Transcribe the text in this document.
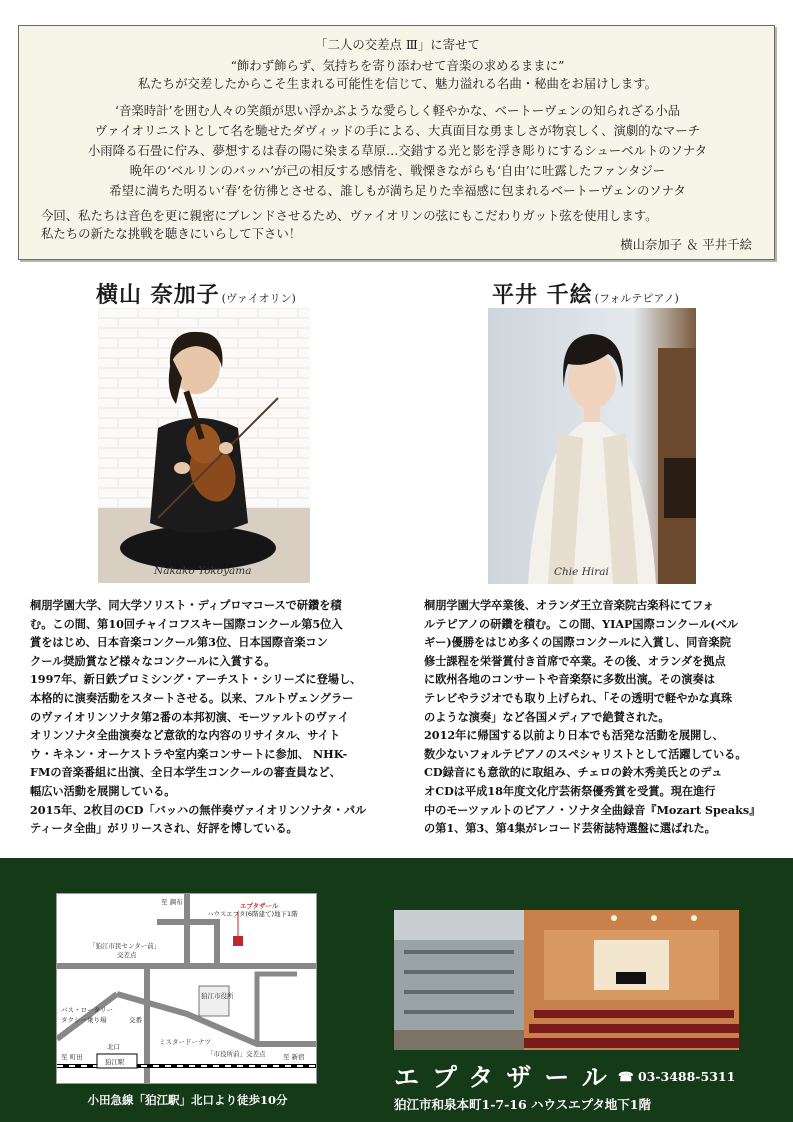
「二人の交差点 Ⅲ」に寄せて
“飾わず飾らず、気持ちを寄り添わせて音楽の求めるままに”
私たちが交差したからこそ生まれる可能性を信じて、魅力溢れる名曲・秘曲をお届けします。
‘音楽時計’を囲む人々の笑顔が思い浮かぶような愛らしく軽やかな、ベートーヴェンの知られざる小品
ヴァイオリニストとして名を馳せたダヴィッドの手による、大真面目な勇ましさが物哀しく、演劇的なマーチ
小雨降る石畳に佇み、夢想するは春の陽に染まる草原…交錯する光と影を浮き彫りにするシューベルトのソナタ
晩年の‘ベルリンのバッハ’が己の相反する感情を、戦慄きながらも‘自由’に吐露したファンタジー
希望に満ちた明るい‘春’を彷彿とさせる、誰しもが満ち足りた幸福感に包まれるベートーヴェンのソナタ
今回、私たちは音色を更に親密にブレンドさせるため、ヴァイオリンの弦にもこだわりガット弦を使用します。
私たちの新たな挑戦を聴きにいらして下さい！
横山奈加子 ＆ 平井千絵
横山 奈加子 (ヴァイオリン)
Nakako Yokoyama

桐朋学園大学、同大学ソリスト・ディプロマコースで研鑽を積

む。この間、第10回チャイコフスキー国際コンクール第5位入

賞をはじめ、日本音楽コンクール第3位、日本国際音楽コン

クール奨励賞など様々なコンクールに入賞する。

1997年、新日鉄プロミシング・アーチスト・シリーズに登場し、

本格的に演奏活動をスタートさせる。以来、フルトヴェングラー

のヴァイオリンソナタ第2番の本邦初演、モーツァルトのヴァイ

オリンソナタ全曲演奏など意欲的な内容のリサイタル、サイト

ウ・キネン・オーケストラや室内楽コンサートに参加、 NHK-

FMの音楽番組に出演、全日本学生コンクールの審査員など、

幅広い活動を展開している。

2015年、2枚目のCD「バッハの無伴奏ヴァイオリンソナタ・パル

ティータ全曲」がリリースされ、好評を博している。

平井 千絵 (フォルテピアノ)
Chie Hirai

桐朋学園大学卒業後、オランダ王立音楽院古楽科にてフォ

ルテピアノの研鑽を積む。この間、YIAP国際コンクール(ベル

ギー)優勝をはじめ多くの国際コンクールに入賞し、同音楽院

修士課程を栄誉賞付き首席で卒業。その後、オランダを拠点

に欧州各地のコンサートや音楽祭に多数出演。その演奏は

テレビやラジオでも取り上げられ、「その透明で軽やかな真珠

のような演奏」など各国メディアで絶賛された。

2012年に帰国する以前より日本でも活発な活動を展開し、

数少ないフォルテピアノのスペシャリストとして活躍している。

CD録音にも意欲的に取組み、チェロの鈴木秀美氏とのデュ

オCDは平成18年度文化庁芸術祭優秀賞を受賞。現在進行

中のモーツァルトのピアノ・ソナタ全曲録音『Mozart Speaks』

の第1、第3、第4集がレコード芸術誌特選盤に選ばれた。

エプタザール
ハウスエプタ(6階建て)地下1階
至 調布
「狛江市民センター前」
交差点
狛江市役所
交番
バス・ロータリー
タクシー乗り場
至 町田
北口
狛江駅
至 新宿
「市役所前」交差点
ミスタードーナツ
小田急線「狛江駅」北口より徒歩10分
エプタザール
☎ 03-3488-5311
狛江市和泉本町1-7-16 ハウスエプタ地下1階
